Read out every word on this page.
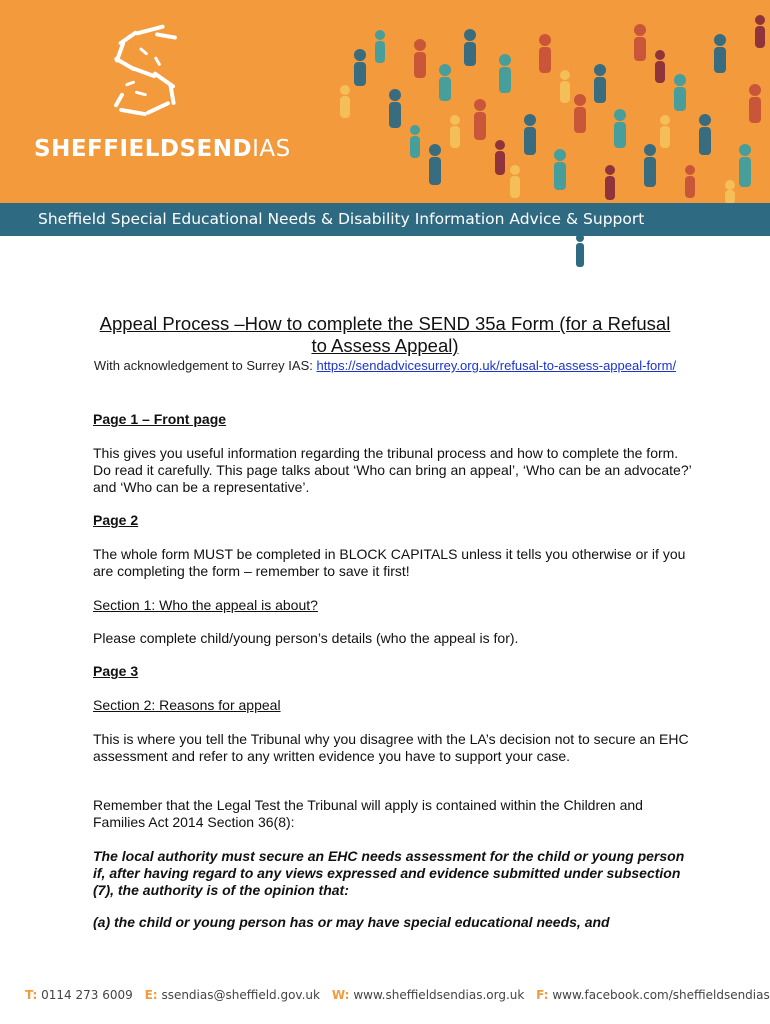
SHEFFIELDSENDIAS
Sheffield Special Educational Needs & Disability Information Advice & Support
Appeal Process –How to complete the SEND 35a Form (for a Refusal to Assess Appeal)
With acknowledgement to Surrey IAS: https://sendadvicesurrey.org.uk/refusal-to-assess-appeal-form/

Page 1 – Front page

This gives you useful information regarding the tribunal process and how to complete the form. Do read it carefully. This page talks about ‘Who can bring an appeal’, ‘Who can be an advocate?’ and ‘Who can be a representative’.

Page 2

The whole form MUST be completed in BLOCK CAPITALS unless it tells you otherwise or if you are completing the form – remember to save it first!

Section 1: Who the appeal is about?

Please complete child/young person’s details (who the appeal is for).

Page 3

Section 2: Reasons for appeal

This is where you tell the Tribunal why you disagree with the LA’s decision not to secure an EHC assessment and refer to any written evidence you have to support your case.

Remember that the Legal Test the Tribunal will apply is contained within the Children and Families Act 2014 Section 36(8):

The local authority must secure an EHC needs assessment for the child or young person if, after having regard to any views expressed and evidence submitted under subsection (7), the authority is of the opinion that:

(a) the child or young person has or may have special educational needs, and

T: 0114 273 6009 E: ssendias@sheffield.gov.uk W: www.sheffieldsendias.org.uk F: www.facebook.com/sheffieldsendias
